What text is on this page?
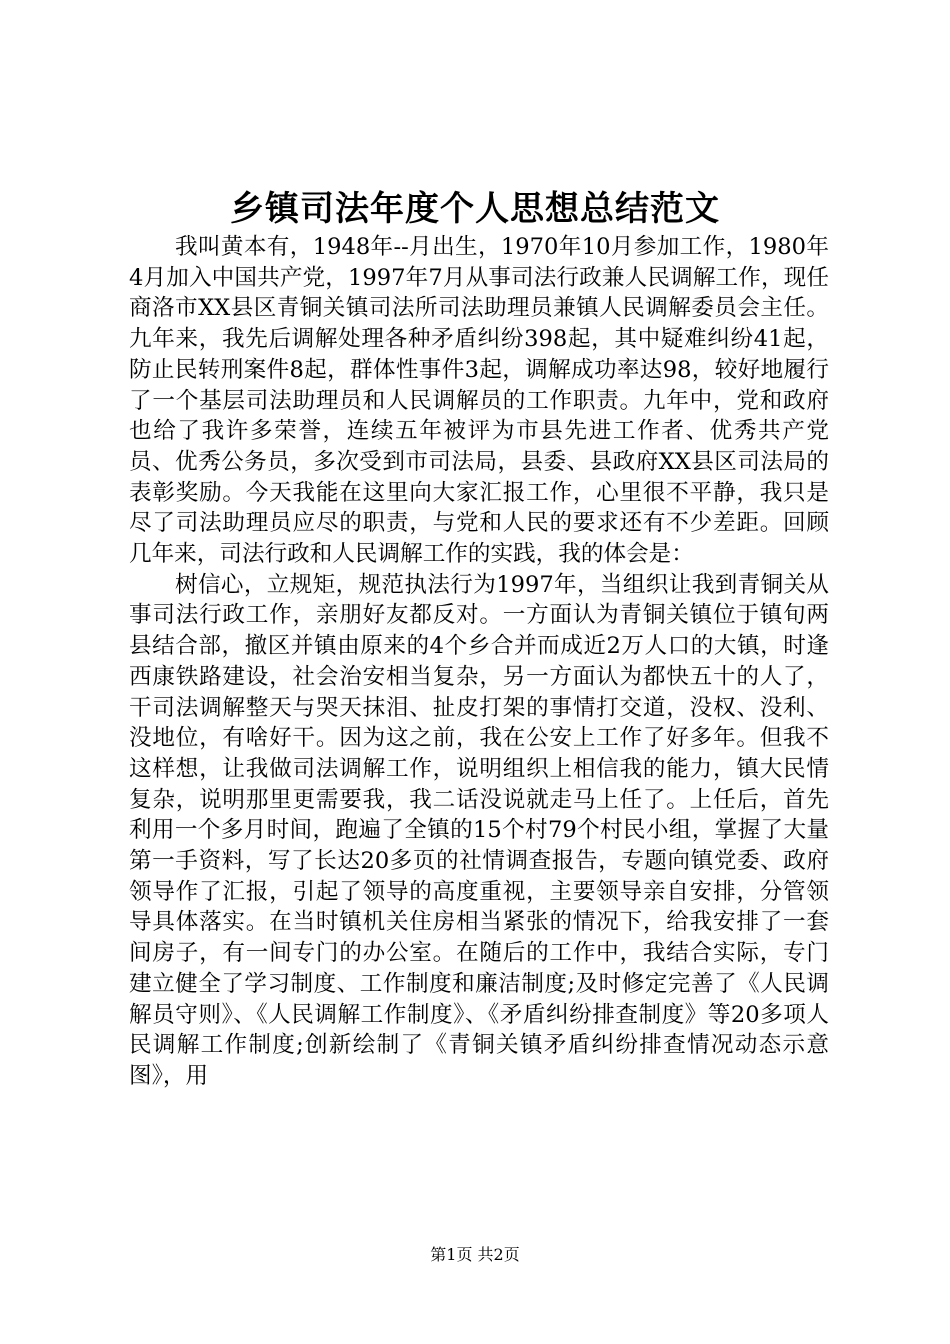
乡镇司法年度个人思想总结范文

我叫黄本有，1948年--月出生，1970年10月参加工作，1980年4月加入中国共产党，1997年7月从事司法行政兼人民调解工作，现任商洛市XX县区青铜关镇司法所司法助理员兼镇人民调解委员会主任。九年来，我先后调解处理各种矛盾纠纷398起，其中疑难纠纷41起，防止民转刑案件8起，群体性事件3起，调解成功率达98，较好地履行了一个基层司法助理员和人民调解员的工作职责。九年中，党和政府也给了我许多荣誉，连续五年被评为市县先进工作者、优秀共产党员、优秀公务员，多次受到市司法局，县委、县政府XX县区司法局的表彰奖励。今天我能在这里向大家汇报工作，心里很不平静，我只是尽了司法助理员应尽的职责，与党和人民的要求还有不少差距。回顾几年来，司法行政和人民调解工作的实践，我的体会是：

树信心，立规矩，规范执法行为1997年，当组织让我到青铜关从事司法行政工作，亲朋好友都反对。一方面认为青铜关镇位于镇旬两县结合部，撤区并镇由原来的4个乡合并而成近2万人口的大镇，时逢西康铁路建设，社会治安相当复杂，另一方面认为都快五十的人了，干司法调解整天与哭天抹泪、扯皮打架的事情打交道，没权、没利、没地位，有啥好干。因为这之前，我在公安上工作了好多年。但我不这样想，让我做司法调解工作，说明组织上相信我的能力，镇大民情复杂，说明那里更需要我，我二话没说就走马上任了。上任后，首先利用一个多月时间，跑遍了全镇的15个村79个村民小组，掌握了大量第一手资料，写了长达20多页的社情调查报告，专题向镇党委、政府领导作了汇报，引起了领导的高度重视，主要领导亲自安排，分管领导具体落实。在当时镇机关住房相当紧张的情况下，给我安排了一套间房子，有一间专门的办公室。在随后的工作中，我结合实际，专门建立健全了学习制度、工作制度和廉洁制度;及时修定完善了《人民调解员守则》、《人民调解工作制度》、《矛盾纠纷排查制度》等20多项人民调解工作制度;创新绘制了《青铜关镇矛盾纠纷排查情况动态示意图》，用

第1页 共2页
